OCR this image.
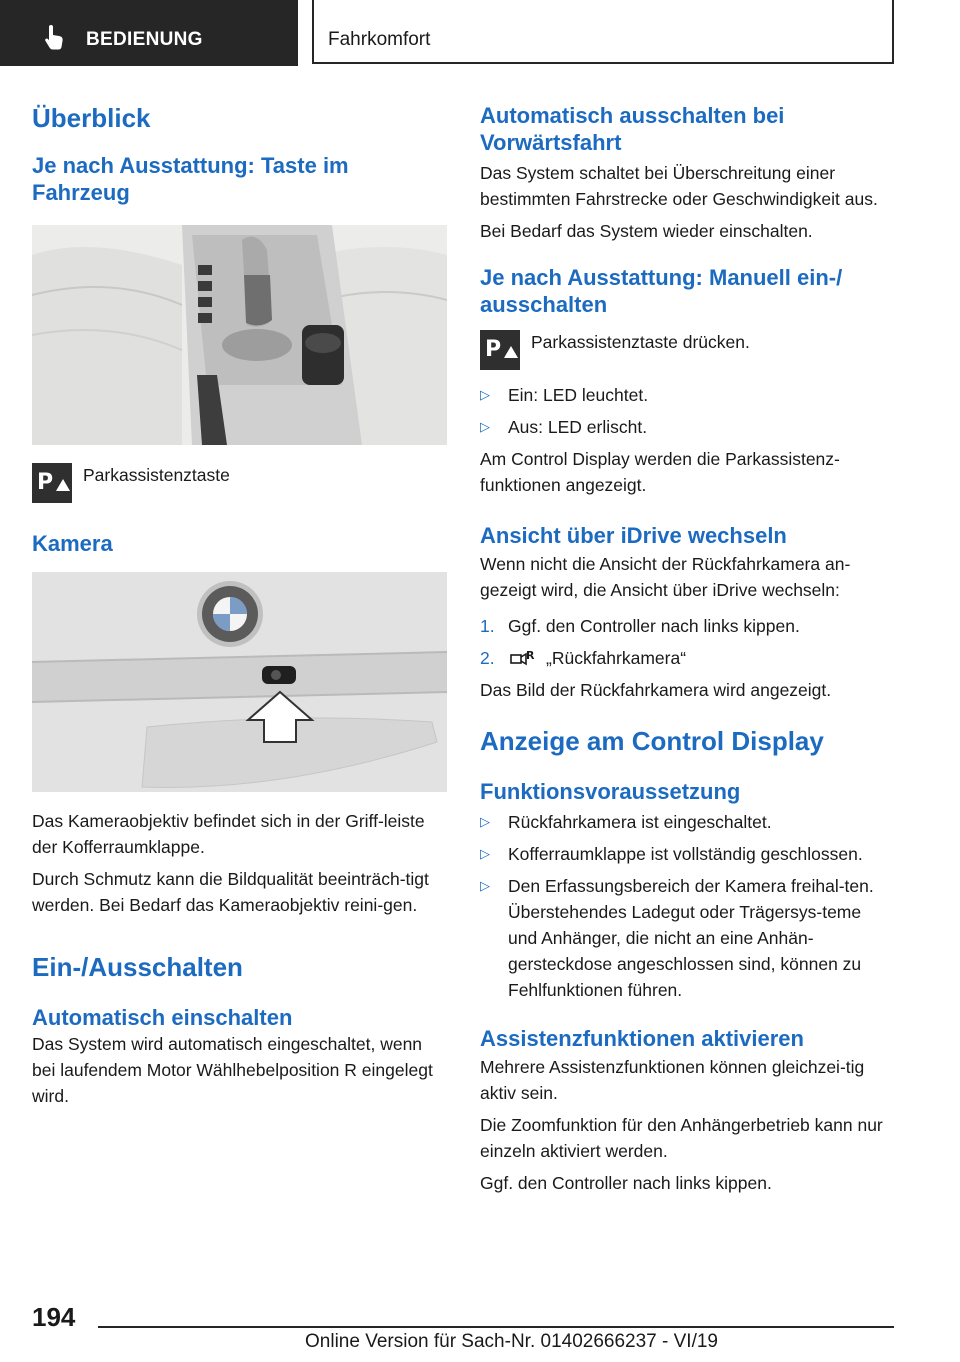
BEDIENUNG	Fahrkomfort
Überblick
Je nach Ausstattung: Taste im Fahrzeug
P Parkassistenztaste
Kamera

Das Kameraobjektiv befindet sich in der Griff-leiste der Kofferraumklappe.

Durch Schmutz kann die Bildqualität beeinträch-tigt werden. Bei Bedarf das Kameraobjektiv reini-gen.

Ein-/Ausschalten
Automatisch einschalten

Das System wird automatisch eingeschaltet, wenn bei laufendem Motor Wählhebelposition R eingelegt wird.

Automatisch ausschalten bei Vorwärtsfahrt

Das System schaltet bei Überschreitung einer bestimmten Fahrstrecke oder Geschwindigkeit aus.

Bei Bedarf das System wieder einschalten.

Je nach Ausstattung: Manuell ein-/ ausschalten
P Parkassistenztaste drücken.
▷	Ein: LED leuchtet.
▷	Aus: LED erlischt.

Am Control Display werden die Parkassistenz-funktionen angezeigt.

Ansicht über iDrive wechseln

Wenn nicht die Ansicht der Rückfahrkamera an-gezeigt wird, die Ansicht über iDrive wechseln:

1. Ggf. den Controller nach links kippen.
2.	R „Rückfahrkamera“

Das Bild der Rückfahrkamera wird angezeigt.

Anzeige am Control Display
Funktionsvoraussetzung
▷	Rückfahrkamera ist eingeschaltet.
▷	Kofferraumklappe ist vollständig geschlossen.
▷	Den Erfassungsbereich der Kamera freihal-ten. Überstehendes Ladegut oder Trägersys-teme und Anhänger, die nicht an eine Anhän-gersteckdose angeschlossen sind, können zu Fehlfunktionen führen.
Assistenzfunktionen aktivieren

Mehrere Assistenzfunktionen können gleichzei-tig aktiv sein.

Die Zoomfunktion für den Anhängerbetrieb kann nur einzeln aktiviert werden.

Ggf. den Controller nach links kippen.

194
Online Version für Sach-Nr. 01402666237 - VI/19
